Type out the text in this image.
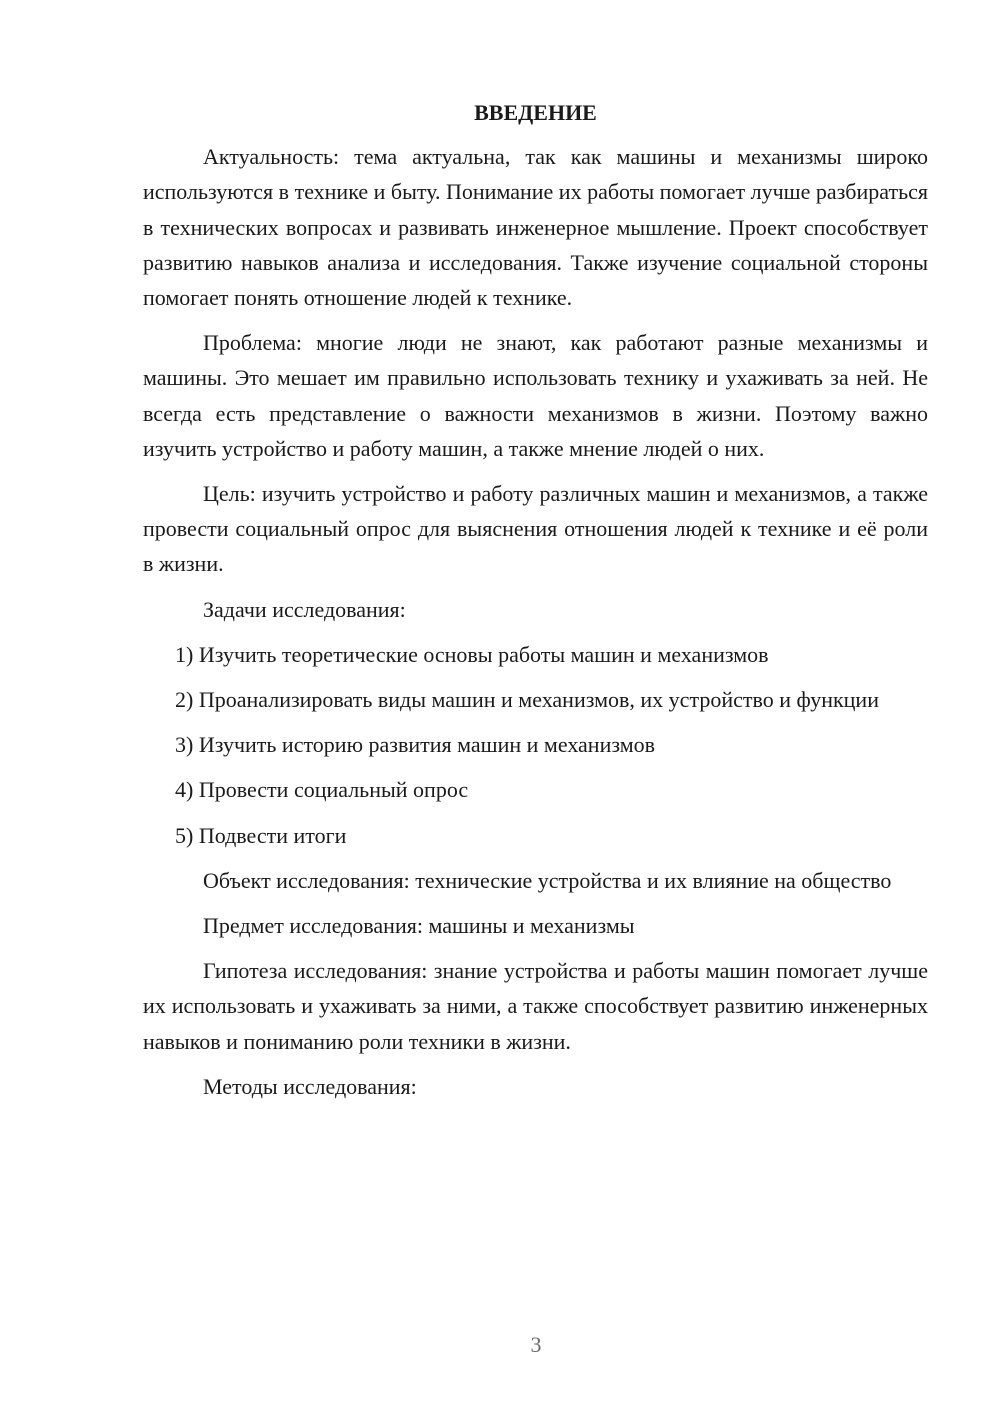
ВВЕДЕНИЕ

Актуальность: тема актуальна, так как машины и механизмы широко используются в технике и быту. Понимание их работы помогает лучше разбираться в технических вопросах и развивать инженерное мышление. Проект способствует развитию навыков анализа и исследования. Также изучение социальной стороны помогает понять отношение людей к технике.

Проблема: многие люди не знают, как работают разные механизмы и машины. Это мешает им правильно использовать технику и ухаживать за ней. Не всегда есть представление о важности механизмов в жизни. Поэтому важно изучить устройство и работу машин, а также мнение людей о них.

Цель: изучить устройство и работу различных машин и механизмов, а также провести социальный опрос для выяснения отношения людей к технике и её роли в жизни.

Задачи исследования:

1) Изучить теоретические основы работы машин и механизмов

2) Проанализировать виды машин и механизмов, их устройство и функции

3) Изучить историю развития машин и механизмов

4) Провести социальный опрос

5) Подвести итоги

Объект исследования: технические устройства и их влияние на общество

Предмет исследования: машины и механизмы

Гипотеза исследования: знание устройства и работы машин помогает лучше их использовать и ухаживать за ними, а также способствует развитию инженерных навыков и пониманию роли техники в жизни.

Методы исследования:

3
